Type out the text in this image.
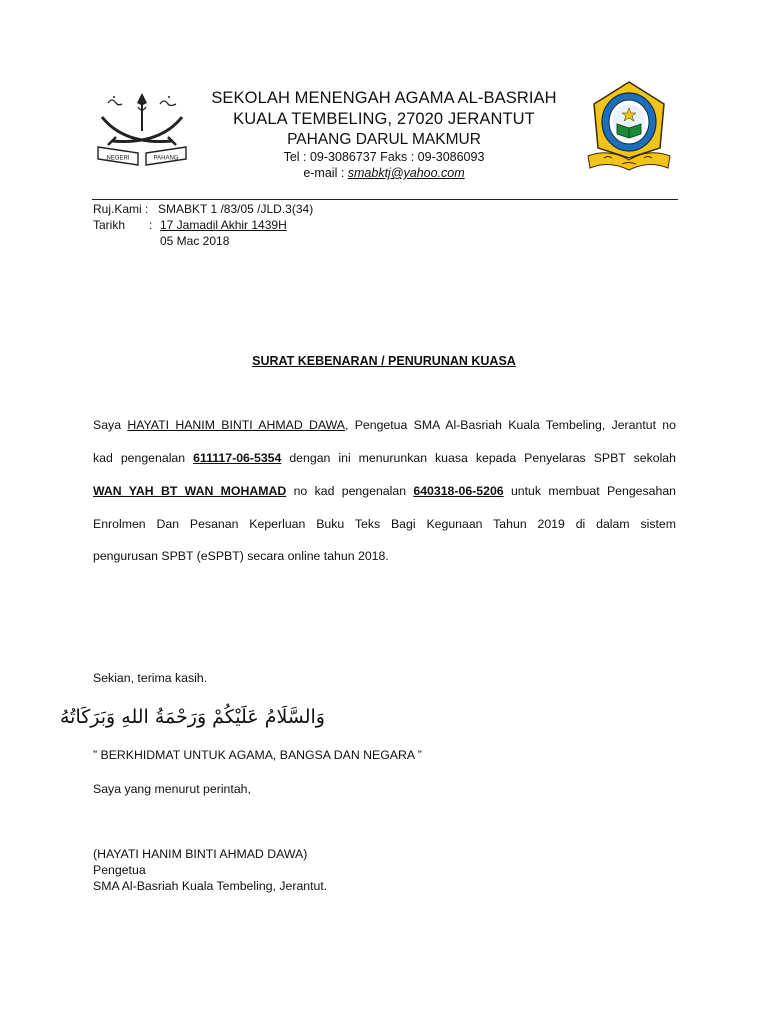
NEGERI	PAHANG
SEKOLAH MENENGAH AGAMA AL-BASRIAH
KUALA TEMBELING, 27020 JERANTUT
PAHANG DARUL MAKMUR
Tel : 09-3086737 Faks : 09-3086093
e-mail : smabktj@yahoo.com
Ruj.Kami : SMABKT 1 /83/05 /JLD.3(34)
Tarikh : 17 Jamadil Akhir 1439H
05 Mac 2018
SURAT KEBENARAN / PENURUNAN KUASA
Saya HAYATI HANIM BINTI AHMAD DAWA, Pengetua SMA Al-Basriah Kuala Tembeling, Jerantut no
kad pengenalan 611117-06-5354 dengan ini menurunkan kuasa kepada Penyelaras SPBT sekolah
WAN YAH BT WAN MOHAMAD no kad pengenalan 640318-06-5206 untuk membuat Pengesahan
Enrolmen Dan Pesanan Keperluan Buku Teks Bagi Kegunaan Tahun 2019 di dalam sistem
pengurusan SPBT (eSPBT) secara online tahun 2018.
Sekian, terima kasih.
وَالسَّلَامُ عَلَيْكُمْ وَرَحْمَةُ اللهِ وَبَرَكَاتُهُ
” BERKHIDMAT UNTUK AGAMA, BANGSA DAN NEGARA ”
Saya yang menurut perintah,
(HAYATI HANIM BINTI AHMAD DAWA)
Pengetua
SMA Al-Basriah Kuala Tembeling, Jerantut.
